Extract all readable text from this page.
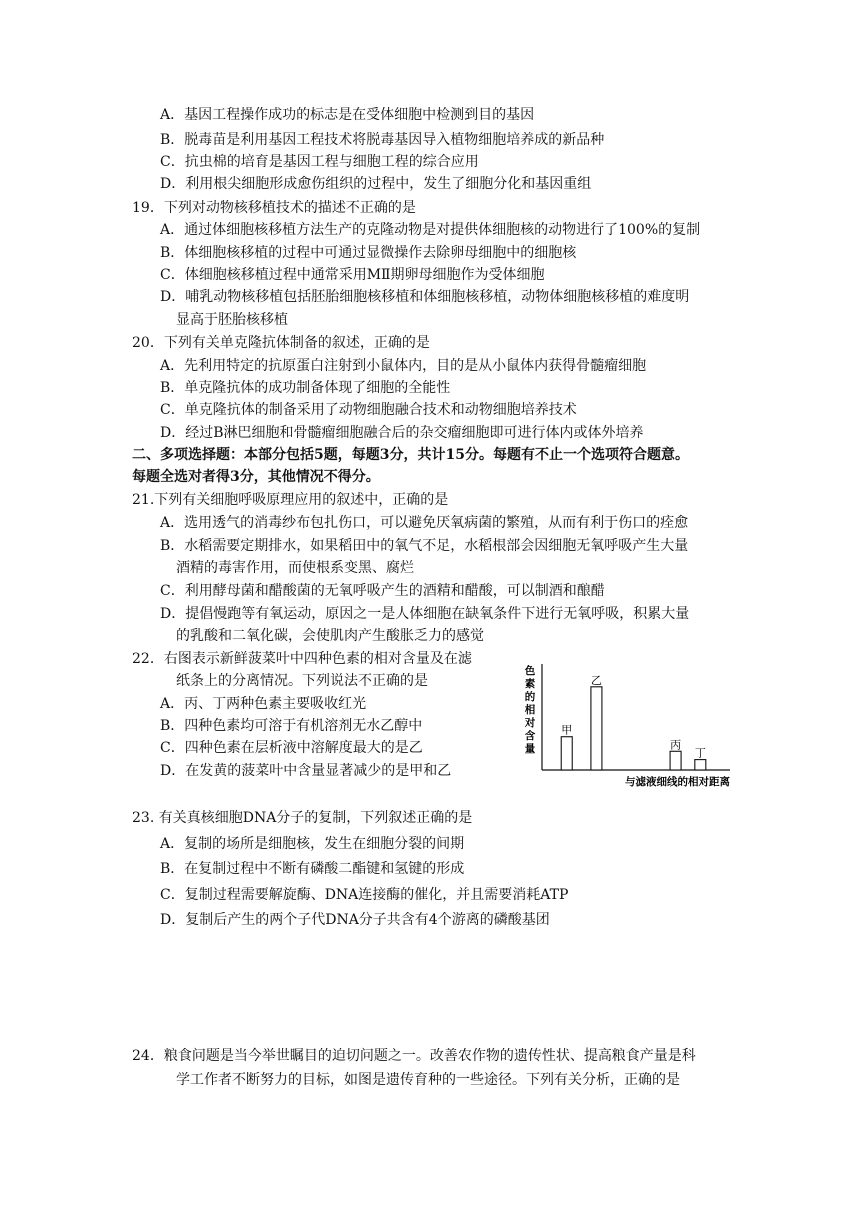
A．基因工程操作成功的标志是在受体细胞中检测到目的基因
B．脱毒苗是利用基因工程技术将脱毒基因导入植物细胞培养成的新品种
C．抗虫棉的培育是基因工程与细胞工程的综合应用
D．利用根尖细胞形成愈伤组织的过程中，发生了细胞分化和基因重组
19．下列对动物核移植技术的描述不正确的是
A．通过体细胞核移植方法生产的克隆动物是对提供体细胞核的动物进行了100%的复制
B．体细胞核移植的过程中可通过显微操作去除卵母细胞中的细胞核
C．体细胞核移植过程中通常采用MⅡ期卵母细胞作为受体细胞
D．哺乳动物核移植包括胚胎细胞核移植和体细胞核移植，动物体细胞核移植的难度明
显高于胚胎核移植
20．下列有关单克隆抗体制备的叙述，正确的是
A．先利用特定的抗原蛋白注射到小鼠体内，目的是从小鼠体内获得骨髓瘤细胞
B．单克隆抗体的成功制备体现了细胞的全能性
C．单克隆抗体的制备采用了动物细胞融合技术和动物细胞培养技术
D．经过B淋巴细胞和骨髓瘤细胞融合后的杂交瘤细胞即可进行体内或体外培养
二、多项选择题：本部分包括5题，每题3分，共计15分。每题有不止一个选项符合题意。
每题全选对者得3分，其他情况不得分。
21.下列有关细胞呼吸原理应用的叙述中，正确的是
A．选用透气的消毒纱布包扎伤口，可以避免厌氧病菌的繁殖，从而有利于伤口的痊愈
B．水稻需要定期排水，如果稻田中的氧气不足，水稻根部会因细胞无氧呼吸产生大量
酒精的毒害作用，而使根系变黑、腐烂
C．利用酵母菌和醋酸菌的无氧呼吸产生的酒精和醋酸，可以制酒和酿醋
D．提倡慢跑等有氧运动，原因之一是人体细胞在缺氧条件下进行无氧呼吸，积累大量
的乳酸和二氧化碳，会使肌肉产生酸胀乏力的感觉
22．右图表示新鲜菠菜叶中四种色素的相对含量及在滤
纸条上的分离情况。下列说法不正确的是
A．丙、丁两种色素主要吸收红光
B．四种色素均可溶于有机溶剂无水乙醇中
C．四种色素在层析液中溶解度最大的是乙
D．在发黄的菠菜叶中含量显著减少的是甲和乙
色
素
的
相
对
含
量
甲
乙
丙
丁
与滤液细线的相对距离
23. 有关真核细胞DNA分子的复制，下列叙述正确的是
A．复制的场所是细胞核，发生在细胞分裂的间期
B．在复制过程中不断有磷酸二酯键和氢键的形成
C．复制过程需要解旋酶、DNA连接酶的催化，并且需要消耗ATP
D．复制后产生的两个子代DNA分子共含有4个游离的磷酸基团
24．粮食问题是当今举世瞩目的迫切问题之一。改善农作物的遗传性状、提高粮食产量是科
学工作者不断努力的目标，如图是遗传育种的一些途径。下列有关分析，正确的是
